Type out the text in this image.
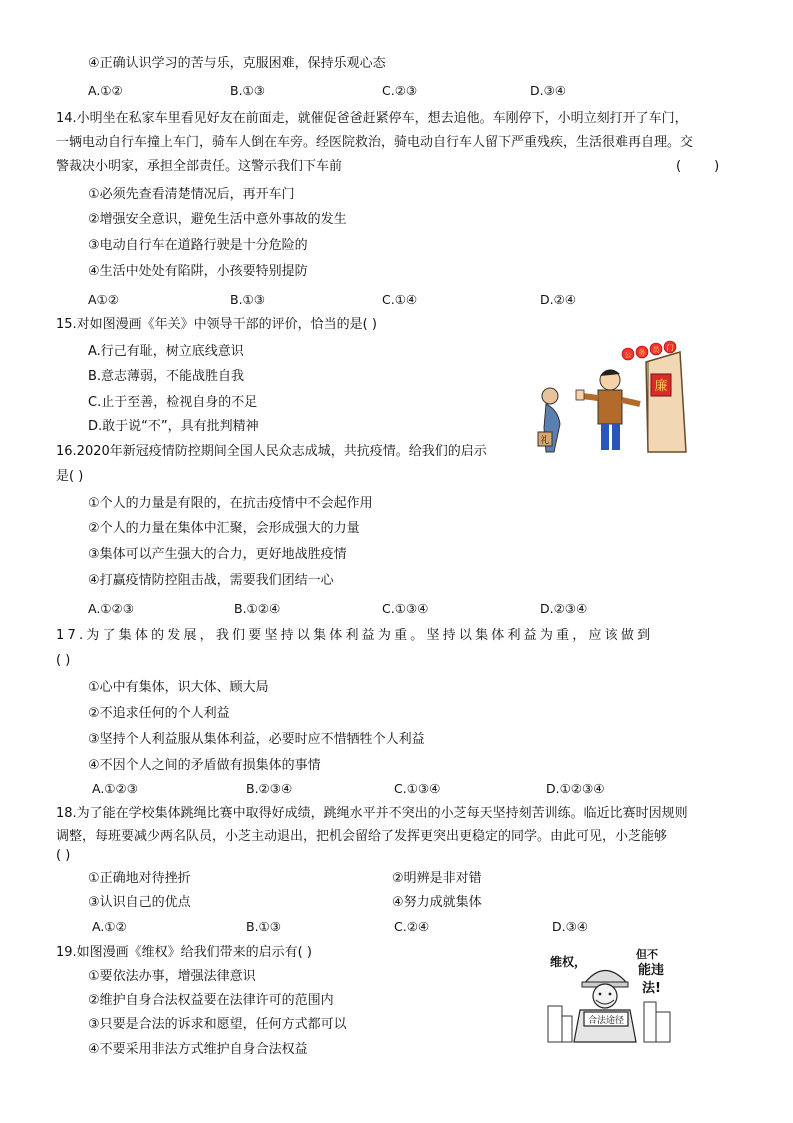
④正确认识学习的苦与乐，克服困难，保持乐观心态
A.①②	B.①③	C.②③	D.③④
14.小明坐在私家车里看见好友在前面走，就催促爸爸赶紧停车，想去追他。车刚停下，小明立刻打开了车门，
一辆电动自行车撞上车门，骑车人倒在车旁。经医院救治，骑电动自行车人留下严重残疾，生活很难再自理。交
警裁决小明家，承担全部责任。这警示我们下车前	(        )
①必须先查看清楚情况后，再开车门
②增强安全意识，避免生活中意外事故的发生
③电动自行车在道路行驶是十分危险的
④生活中处处有陷阱，小孩要特别提防
A①②	B.①③	C.①④	D.②④
15.对如图漫画《年关》中领导干部的评价，恰当的是( )
A.行己有耻，树立底线意识
B.意志薄弱，不能战胜自我
C.止于至善，检视自身的不足
D.敢于说“不”，具有批判精神
廉
公 务 员 门
礼
16.2020年新冠疫情防控期间全国人民众志成城，共抗疫情。给我们的启示
是( )
①个人的力量是有限的，在抗击疫情中不会起作用
②个人的力量在集体中汇聚，会形成强大的力量
③集体可以产生强大的合力，更好地战胜疫情
④打赢疫情防控阻击战，需要我们团结一心
A.①②③	B.①②④	C.①③④	D.②③④
17.为了集体的发展，我们要坚持以集体利益为重。坚持以集体利益为重，应该做到
( )
①心中有集体，识大体、顾大局
②不追求任何的个人利益
③坚持个人利益服从集体利益，必要时应不惜牺牲个人利益
④不因个人之间的矛盾做有损集体的事情
A.①②③	B.②③④	C.①③④	D.①②③④
18.为了能在学校集体跳绳比赛中取得好成绩，跳绳水平并不突出的小芝每天坚持刻苦训练。临近比赛时因规则
调整，每班要减少两名队员，小芝主动退出，把机会留给了发挥更突出更稳定的同学。由此可见，小芝能够
( )
①正确地对待挫折	②明辨是非对错
③认识自己的优点	④努力成就集体
A.①②	B.①③	C.②④	D.③④
19.如图漫画《维权》给我们带来的启示有( )
①要依法办事，增强法律意识
②维护自身合法权益要在法律许可的范围内
③只要是合法的诉求和愿望，任何方式都可以
④不要采用非法方式维护自身合法权益
合法途径
维权，
但不
能违
法!
